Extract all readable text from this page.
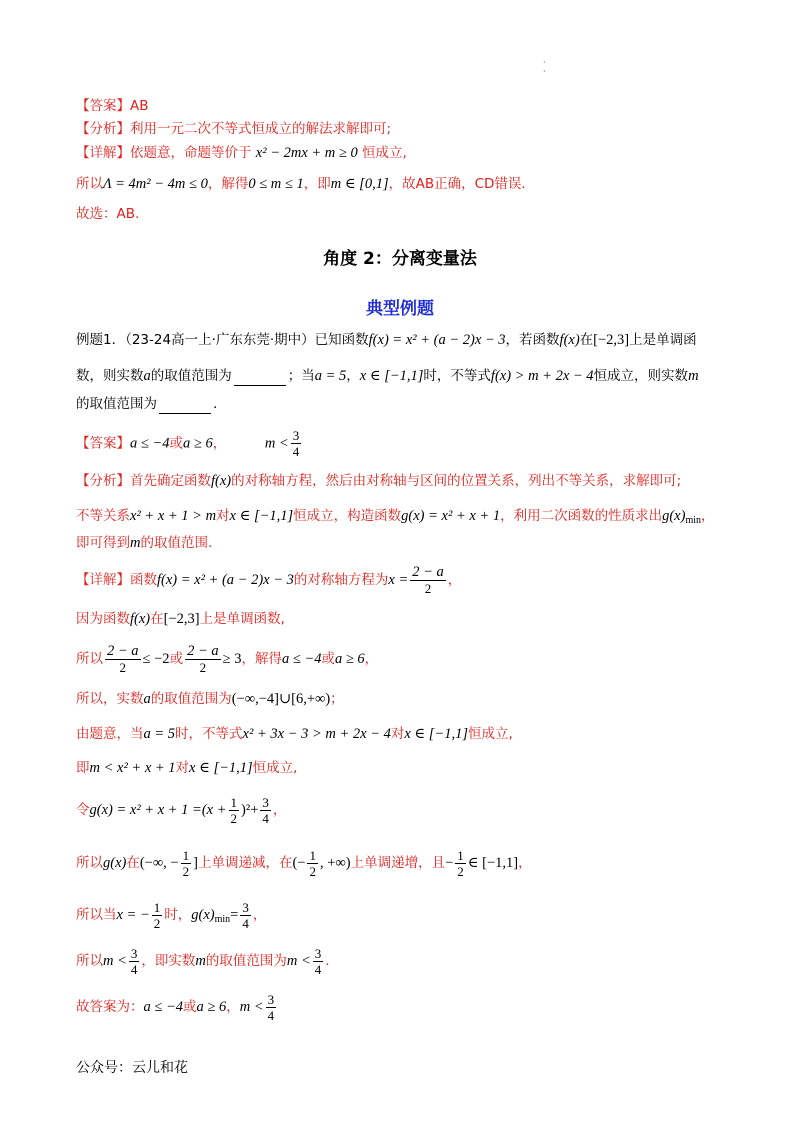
·
·
【答案】AB
【分析】利用一元二次不等式恒成立的解法求解即可;
【详解】依题意，命题等价于 x² − 2mx + m ≥ 0 恒成立,
所以Λ = 4m² − 4m ≤ 0，解得0 ≤ m ≤ 1，即m ∈ [0,1]，故AB正确，CD错误.
故选：AB.
角度 2：分离变量法
典型例题
例题1．（23-24高一上·广东东莞·期中）已知函数f(x) = x² + (a − 2)x − 3，若函数f(x)在[−2,3]上是单调函
数，则实数a的取值范围为	；当a = 5，x ∈ [−1,1]时，不等式f(x) > m + 2x − 4恒成立，则实数m
的取值范围为	.
【答案】a ≤ −4或a ≥ 6，	$m < \frac{3}{4}$
【分析】首先确定函数f(x)的对称轴方程，然后由对称轴与区间的位置关系，列出不等关系，求解即可;
不等关系x² + x + 1 > m对x ∈ [−1,1]恒成立，构造函数g(x) = x² + x + 1，利用二次函数的性质求出$g(x)_{min}$，
即可得到m的取值范围.
【详解】函数f(x) = x² + (a − 2)x − 3的对称轴方程为$x = \frac{2 - a}{2}$ ，
因为函数f(x)在[−2,3]上是单调函数,
所以 $\frac{2 - a}{2} \le -2$或 $\frac{2 - a}{2} \ge 3$，解得a ≤ −4或a ≥ 6，
所以，实数a的取值范围为(−∞,−4]∪[6,+∞)；
由题意，当a = 5时，不等式x² + 3x − 3 > m + 2x − 4对x ∈ [−1,1]恒成立,
即m < x² + x + 1对x ∈ [−1,1]恒成立,
令$g(x) = x^2 + x + 1 =(x + \frac{1}{2} )^2+ \frac{3}{4}$ ，
所以g(x)在(−∞, − $\frac{1}{2}$ ]上单调递减，在(− $\frac{1}{2}$ , +∞)上单调递增，且− $\frac{1}{2}$ ∈ [−1,1]，
所以当x = − $\frac{1}{2}$ 时，$g(x)_{min}= \frac{3}{4}$ ，
所以$m < \frac{3}{4}$ ，即实数m的取值范围为$m < \frac{3}{4}$ .
故答案为：a ≤ −4或a ≥ 6，$m < \frac{3}{4}$
公众号：云儿和花
